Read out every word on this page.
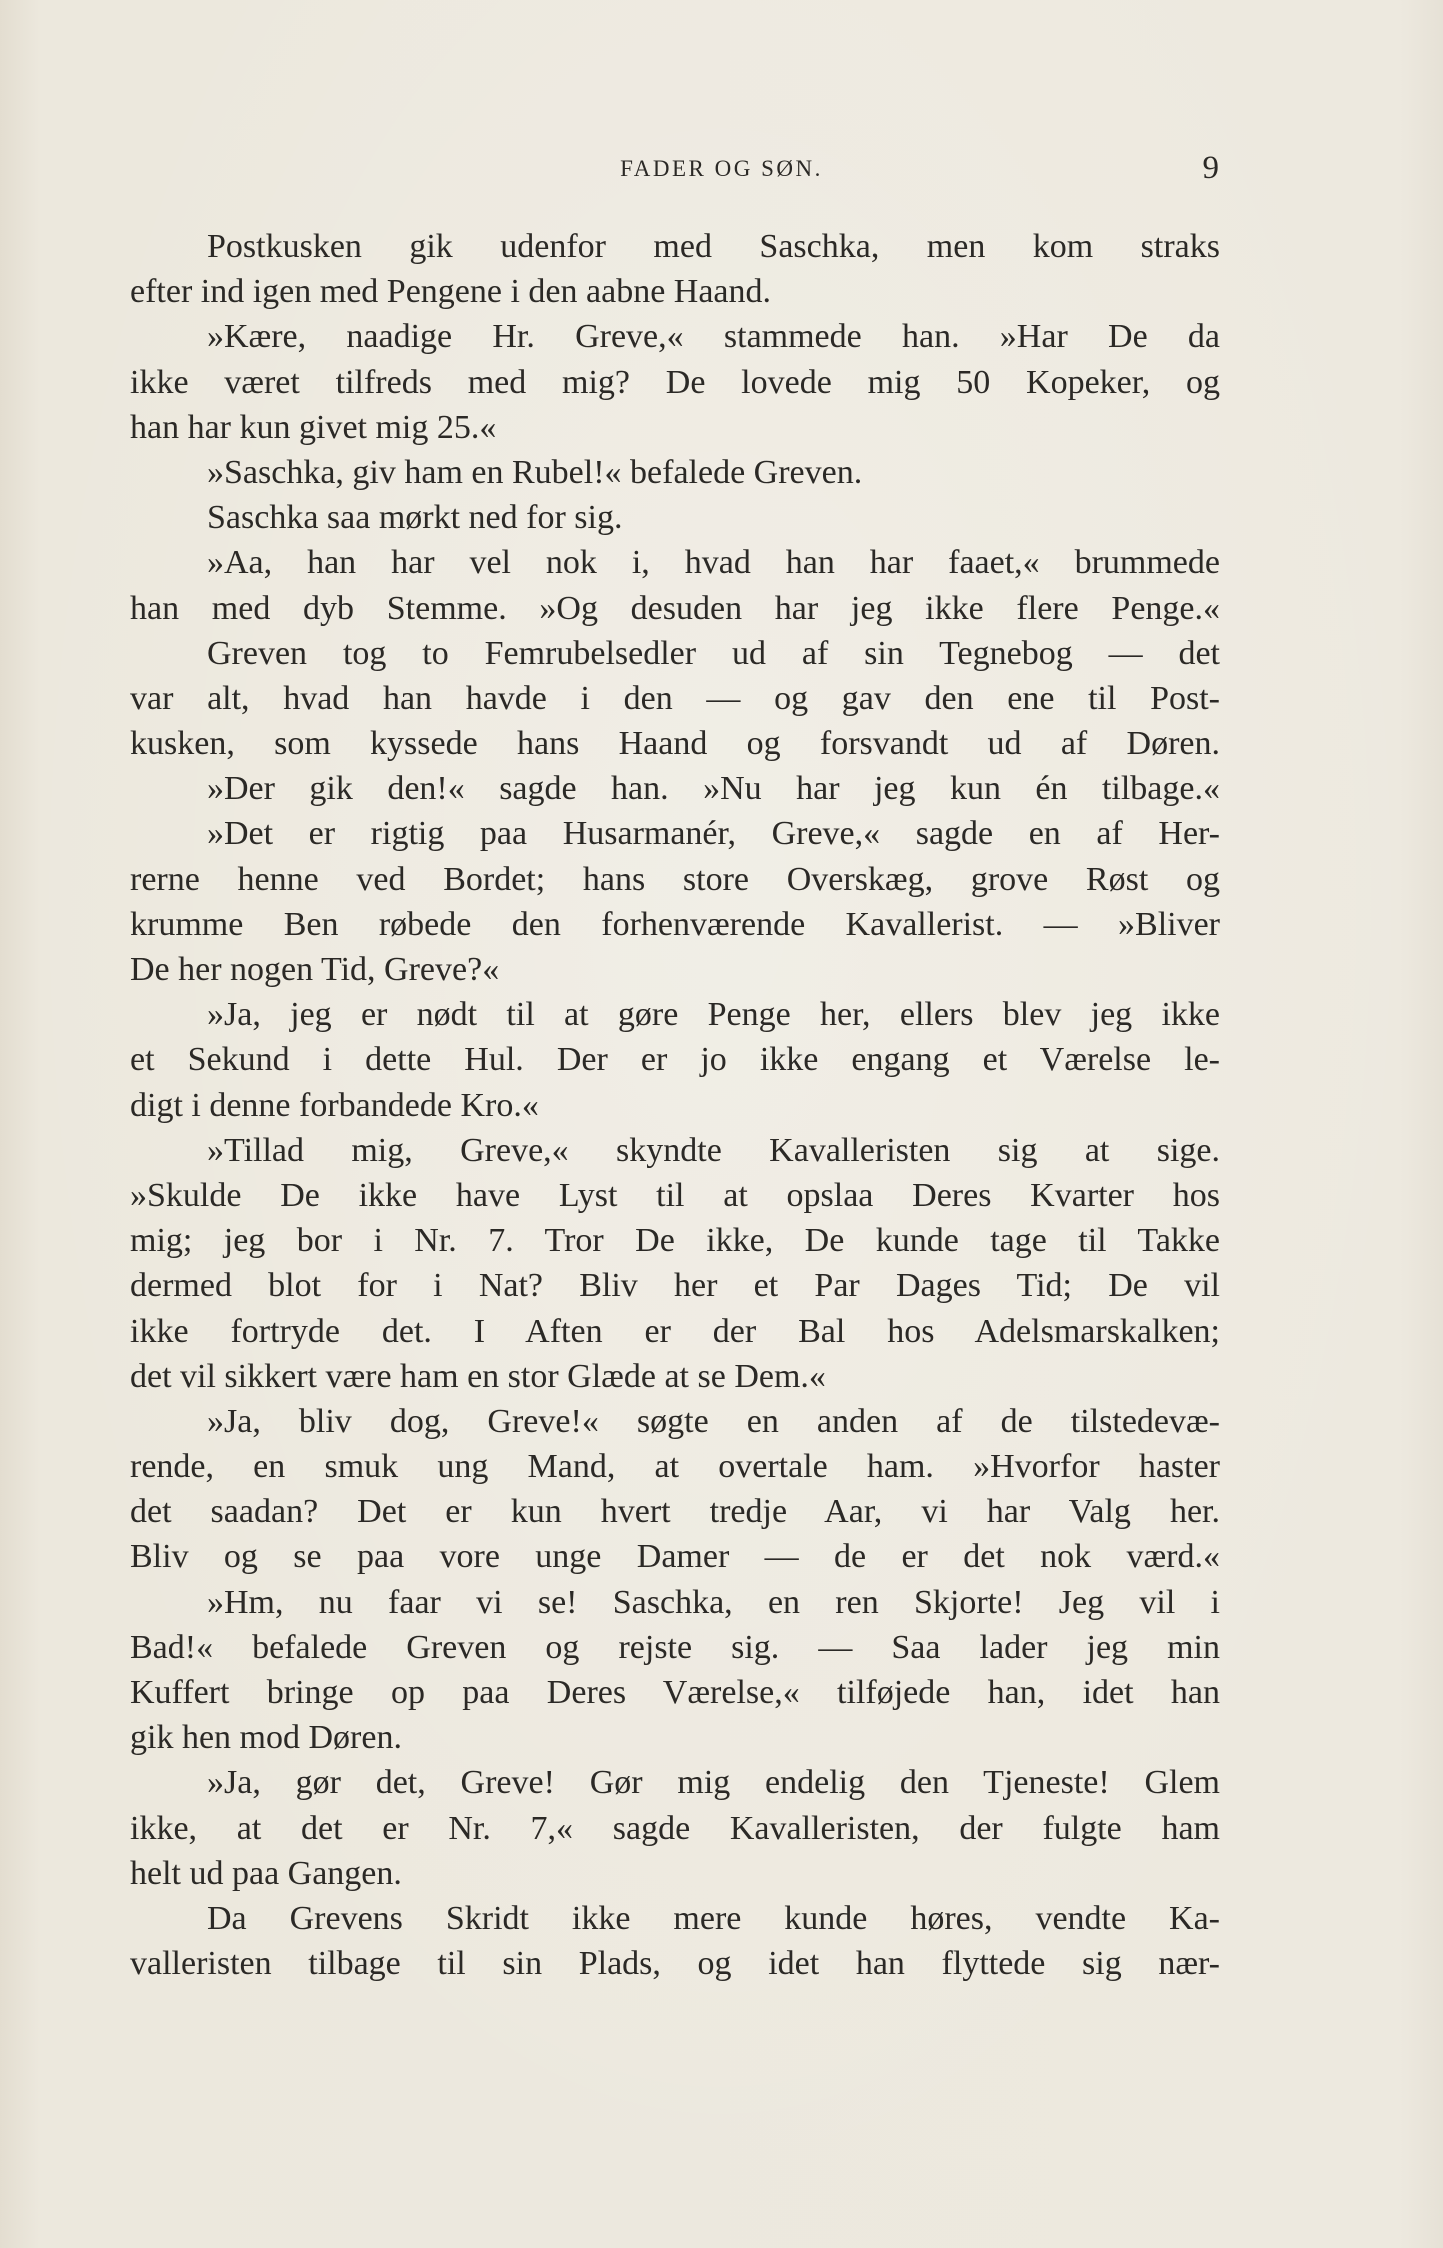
FADER OG SØN.	9
Postkusken gik udenfor med Saschka, men kom straks
efter ind igen med Pengene i den aabne Haand.
»Kære, naadige Hr. Greve,« stammede han. »Har De da
ikke været tilfreds med mig? De lovede mig 50 Kopeker, og
han har kun givet mig 25.«
»Saschka, giv ham en Rubel!« befalede Greven.
Saschka saa mørkt ned for sig.
»Aa, han har vel nok i, hvad han har faaet,« brummede
han med dyb Stemme. »Og desuden har jeg ikke flere Penge.«
Greven tog to Femrubelsedler ud af sin Tegnebog — det
var alt, hvad han havde i den — og gav den ene til Post-
kusken, som kyssede hans Haand og forsvandt ud af Døren.
»Der gik den!« sagde han. »Nu har jeg kun én tilbage.«
»Det er rigtig paa Husarmanér, Greve,« sagde en af Her-
rerne henne ved Bordet; hans store Overskæg, grove Røst og
krumme Ben røbede den forhenværende Kavallerist. — »Bliver
De her nogen Tid, Greve?«
»Ja, jeg er nødt til at gøre Penge her, ellers blev jeg ikke
et Sekund i dette Hul. Der er jo ikke engang et Værelse le-
digt i denne forbandede Kro.«
»Tillad mig, Greve,« skyndte Kavalleristen sig at sige.
»Skulde De ikke have Lyst til at opslaa Deres Kvarter hos
mig; jeg bor i Nr. 7. Tror De ikke, De kunde tage til Takke
dermed blot for i Nat? Bliv her et Par Dages Tid; De vil
ikke fortryde det. I Aften er der Bal hos Adelsmarskalken;
det vil sikkert være ham en stor Glæde at se Dem.«
»Ja, bliv dog, Greve!« søgte en anden af de tilstedevæ-
rende, en smuk ung Mand, at overtale ham. »Hvorfor haster
det saadan? Det er kun hvert tredje Aar, vi har Valg her.
Bliv og se paa vore unge Damer — de er det nok værd.«
»Hm, nu faar vi se! Saschka, en ren Skjorte! Jeg vil i
Bad!« befalede Greven og rejste sig. — Saa lader jeg min
Kuffert bringe op paa Deres Værelse,« tilføjede han, idet han
gik hen mod Døren.
»Ja, gør det, Greve! Gør mig endelig den Tjeneste! Glem
ikke, at det er Nr. 7,« sagde Kavalleristen, der fulgte ham
helt ud paa Gangen.
Da Grevens Skridt ikke mere kunde høres, vendte Ka-
valleristen tilbage til sin Plads, og idet han flyttede sig nær-
